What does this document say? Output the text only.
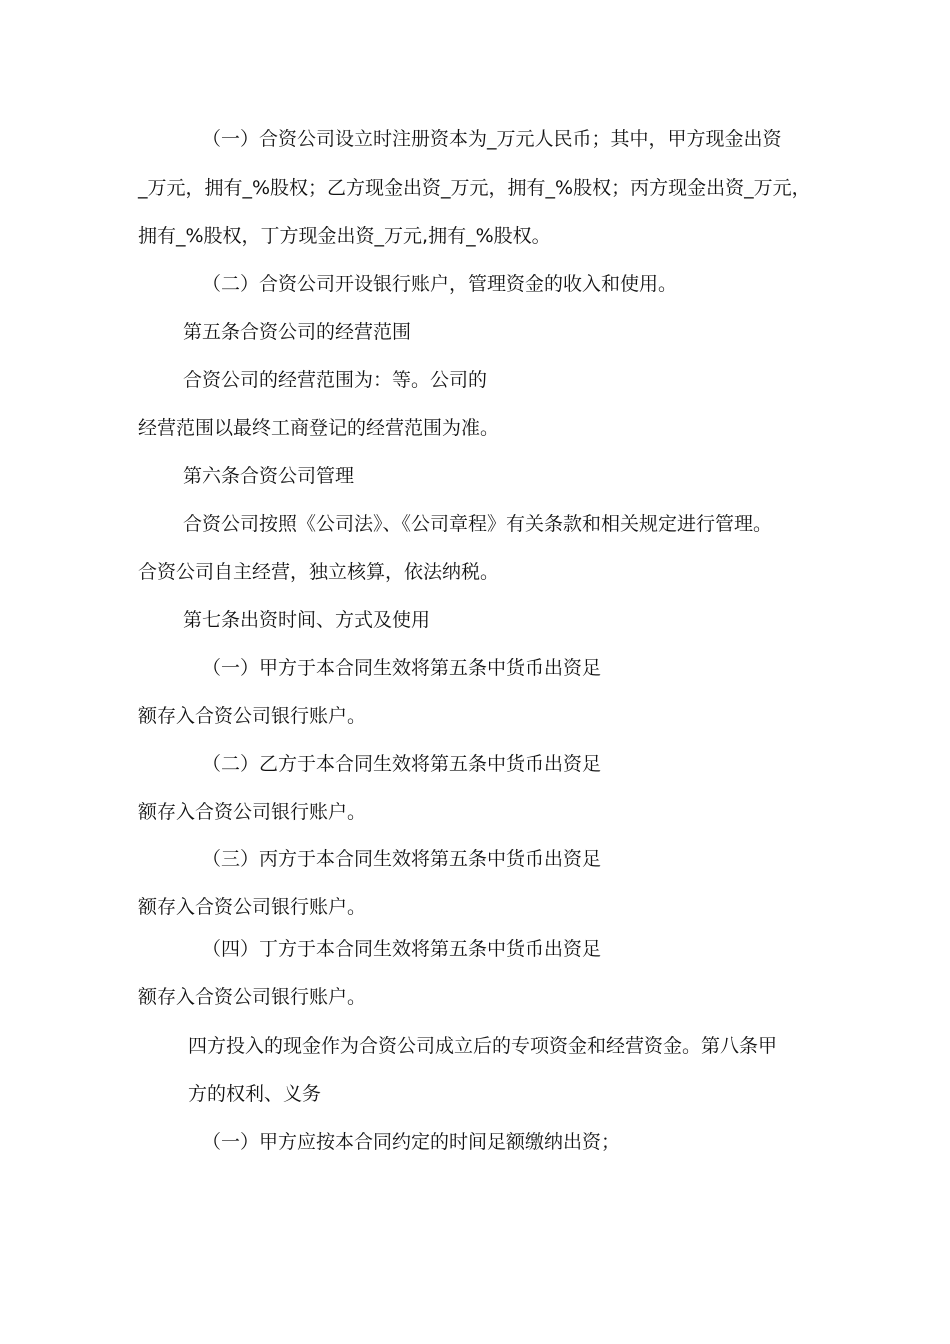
（一）合资公司设立时注册资本为_万元人民币；其中，甲方现金出资
_万元，拥有_%股权；乙方现金出资_万元，拥有_%股权；丙方现金出资_万元，
拥有_%股权，丁方现金出资_万元,拥有_%股权。
（二）合资公司开设银行账户，管理资金的收入和使用。
第五条合资公司的经营范围
合资公司的经营范围为：等。公司的
经营范围以最终工商登记的经营范围为准。
第六条合资公司管理
合资公司按照《公司法》、《公司章程》有关条款和相关规定进行管理。
合资公司自主经营，独立核算，依法纳税。
第七条出资时间、方式及使用
（一）甲方于本合同生效将第五条中货币出资足
额存入合资公司银行账户。
（二）乙方于本合同生效将第五条中货币出资足
额存入合资公司银行账户。
（三）丙方于本合同生效将第五条中货币出资足
额存入合资公司银行账户。
（四）丁方于本合同生效将第五条中货币出资足
额存入合资公司银行账户。
四方投入的现金作为合资公司成立后的专项资金和经营资金。第八条甲
方的权利、义务
（一）甲方应按本合同约定的时间足额缴纳出资；
